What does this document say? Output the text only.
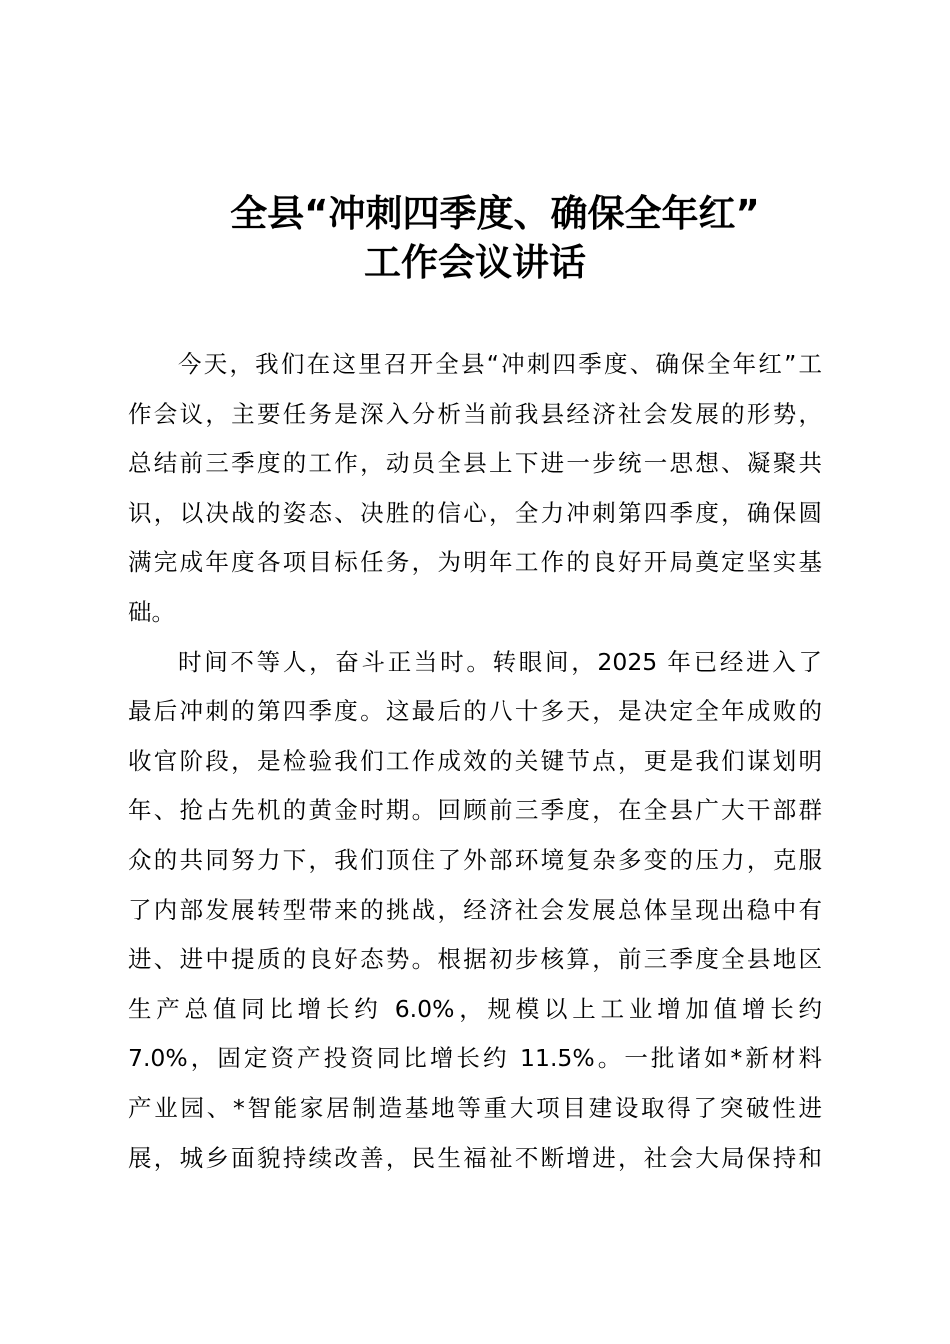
全县“冲刺四季度、确保全年红”
工作会议讲话
今天，我们在这里召开全县“冲刺四季度、确保全年红”工
作会议，主要任务是深入分析当前我县经济社会发展的形势，
总结前三季度的工作，动员全县上下进一步统一思想、凝聚共
识，以决战的姿态、决胜的信心，全力冲刺第四季度，确保圆
满完成年度各项目标任务，为明年工作的良好开局奠定坚实基
础。
时间不等人，奋斗正当时。转眼间，2025 年已经进入了
最后冲刺的第四季度。这最后的八十多天，是决定全年成败的
收官阶段，是检验我们工作成效的关键节点，更是我们谋划明
年、抢占先机的黄金时期。回顾前三季度，在全县广大干部群
众的共同努力下，我们顶住了外部环境复杂多变的压力，克服
了内部发展转型带来的挑战，经济社会发展总体呈现出稳中有
进、进中提质的良好态势。根据初步核算，前三季度全县地区
生产总值同比增长约 6.0%，规模以上工业增加值增长约
7.0%，固定资产投资同比增长约 11.5%。一批诸如*新材料
产业园、*智能家居制造基地等重大项目建设取得了突破性进
展，城乡面貌持续改善，民生福祉不断增进，社会大局保持和
